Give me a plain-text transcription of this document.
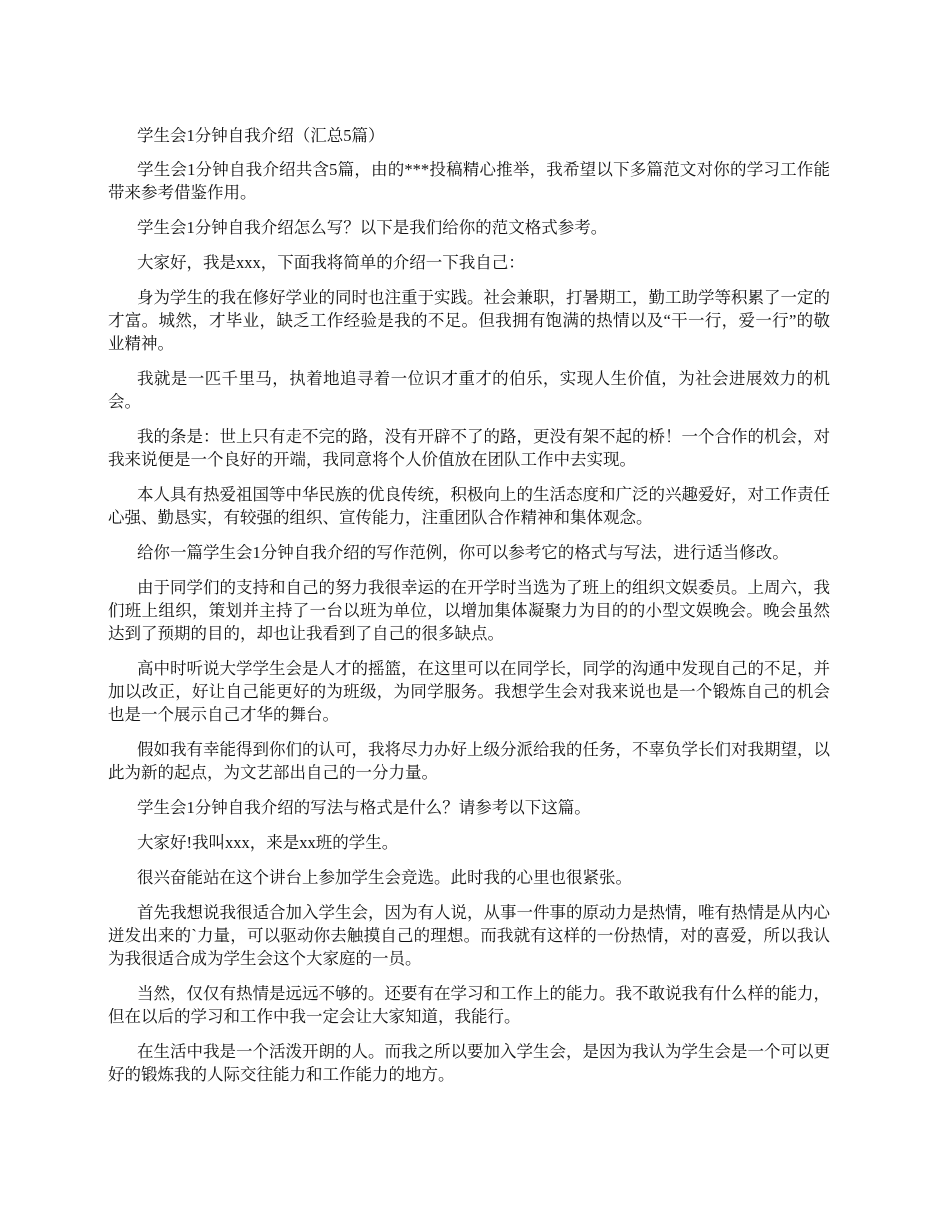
学生会1分钟自我介绍（汇总5篇）

学生会1分钟自我介绍共含5篇，由的***投稿精心推举，我希望以下多篇范文对你的学习工作能带来参考借鉴作用。

学生会1分钟自我介绍怎么写？以下是我们给你的范文格式参考。

大家好，我是xxx，下面我将简单的介绍一下我自己：

身为学生的我在修好学业的同时也注重于实践。社会兼职，打暑期工，勤工助学等积累了一定的才富。城然，才毕业，缺乏工作经验是我的不足。但我拥有饱满的热情以及“干一行，爱一行”的敬业精神。

我就是一匹千里马，执着地追寻着一位识才重才的伯乐，实现人生价值，为社会进展效力的机会。

我的条是：世上只有走不完的路，没有开辟不了的路，更没有架不起的桥！一个合作的机会，对我来说便是一个良好的开端，我同意将个人价值放在团队工作中去实现。

本人具有热爱祖国等中华民族的优良传统，积极向上的生活态度和广泛的兴趣爱好，对工作责任心强、勤恳实，有较强的组织、宣传能力，注重团队合作精神和集体观念。

给你一篇学生会1分钟自我介绍的写作范例，你可以参考它的格式与写法，进行适当修改。

由于同学们的支持和自己的努力我很幸运的在开学时当选为了班上的组织文娱委员。上周六，我们班上组织，策划并主持了一台以班为单位，以增加集体凝聚力为目的的小型文娱晚会。晚会虽然达到了预期的目的，却也让我看到了自己的很多缺点。

高中时听说大学学生会是人才的摇篮，在这里可以在同学长，同学的沟通中发现自己的不足，并加以改正，好让自己能更好的为班级，为同学服务。我想学生会对我来说也是一个锻炼自己的机会也是一个展示自己才华的舞台。

假如我有幸能得到你们的认可，我将尽力办好上级分派给我的任务，不辜负学长们对我期望，以此为新的起点，为文艺部出自己的一分力量。

学生会1分钟自我介绍的写法与格式是什么？请参考以下这篇。

大家好!我叫xxx，来是xx班的学生。

很兴奋能站在这个讲台上参加学生会竞选。此时我的心里也很紧张。

首先我想说我很适合加入学生会，因为有人说，从事一件事的原动力是热情，唯有热情是从内心迸发出来的`力量，可以驱动你去触摸自己的理想。而我就有这样的一份热情，对的喜爱，所以我认为我很适合成为学生会这个大家庭的一员。

当然，仅仅有热情是远远不够的。还要有在学习和工作上的能力。我不敢说我有什么样的能力，但在以后的学习和工作中我一定会让大家知道，我能行。

在生活中我是一个活泼开朗的人。而我之所以要加入学生会，是因为我认为学生会是一个可以更好的锻炼我的人际交往能力和工作能力的地方。
